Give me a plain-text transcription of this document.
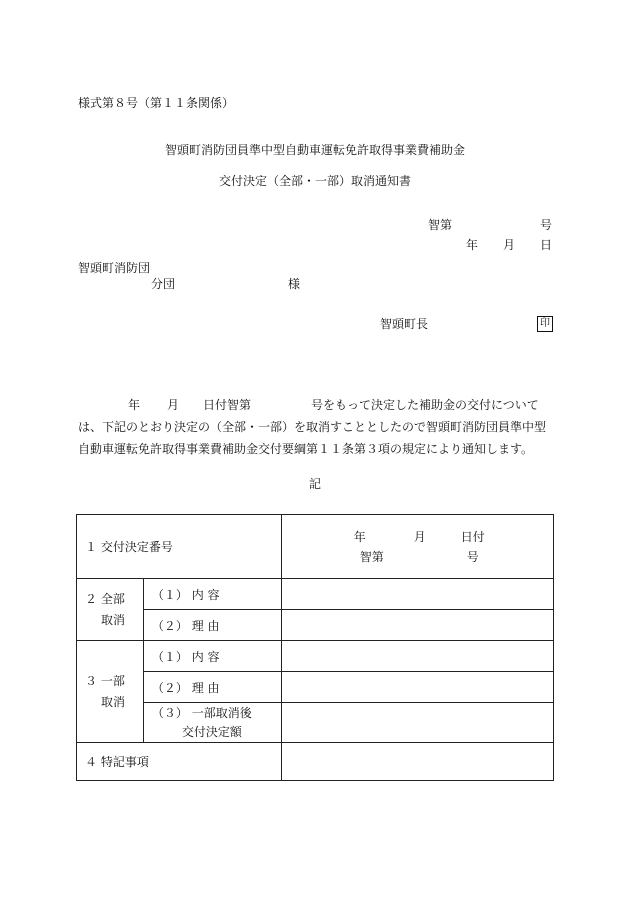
様式第８号（第１１条関係）
智頭町消防団員準中型自動車運転免許取得事業費補助金
交付決定（全部・一部）取消通知書
智第	号
年 月 日
智頭町消防団
分団	様
智頭町長	印
年 月 日付智第	号をもって決定した補助金の交付について
は、下記のとおり決定の（全部・一部）を取消すこととしたので智頭町消防団員準中型
自動車運転免許取得事業費補助金交付要綱第１１条第３項の規定により通知します。
記
１ 交付決定番号		年 月 日付
智第 号

２ 全部
取消	（１） 内 容	
	（２） 理 由	

３ 一部
取消	（１） 内 容	
	（２） 理 由	

	（３） 一部取消後
交付決定額	

４ 特記事項		
